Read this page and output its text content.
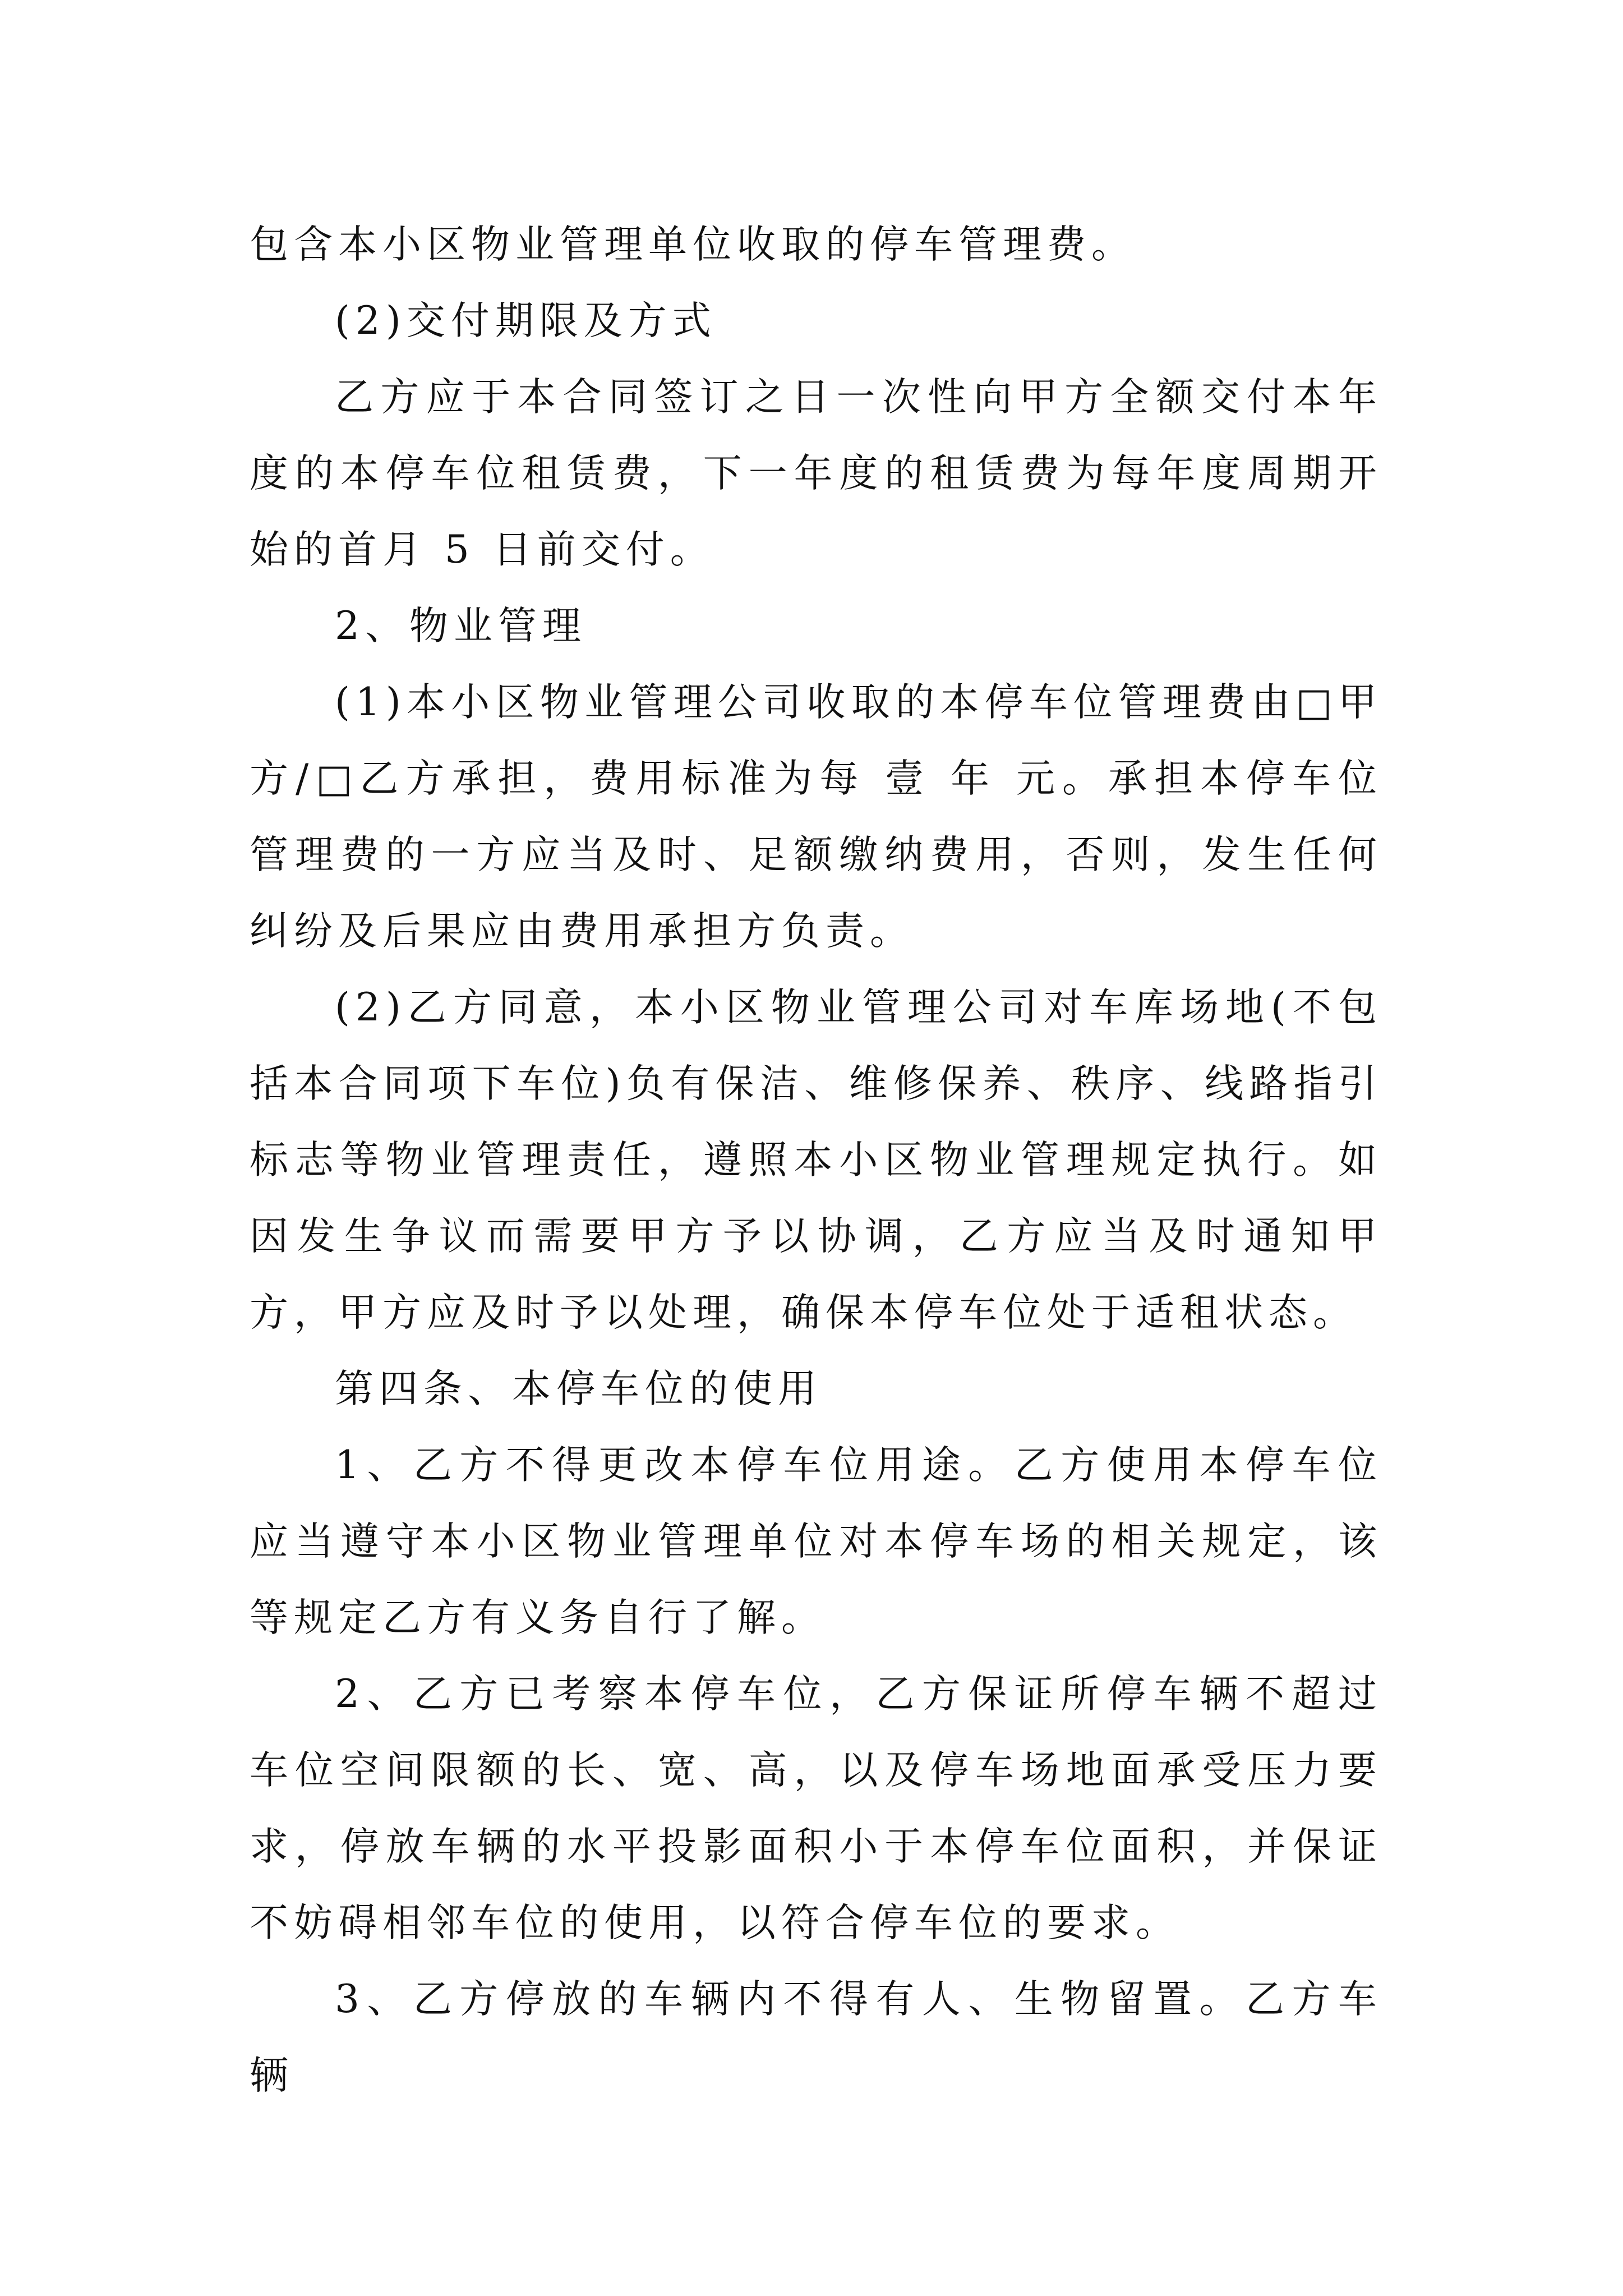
包含本小区物业管理单位收取的停车管理费。

(2)交付期限及方式

乙方应于本合同签订之日一次性向甲方全额交付本年度的本停车位租赁费，下一年度的租赁费为每年度周期开始的首月 5 日前交付。

2、物业管理

(1)本小区物业管理公司收取的本停车位管理费由□甲方/□乙方承担，费用标准为每 壹 年 元。承担本停车位管理费的一方应当及时、足额缴纳费用，否则，发生任何纠纷及后果应由费用承担方负责。

(2)乙方同意，本小区物业管理公司对车库场地(不包括本合同项下车位)负有保洁、维修保养、秩序、线路指引标志等物业管理责任，遵照本小区物业管理规定执行。如因发生争议而需要甲方予以协调，乙方应当及时通知甲方，甲方应及时予以处理，确保本停车位处于适租状态。

第四条、本停车位的使用

1、乙方不得更改本停车位用途。乙方使用本停车位应当遵守本小区物业管理单位对本停车场的相关规定，该等规定乙方有义务自行了解。

2、乙方已考察本停车位，乙方保证所停车辆不超过车位空间限额的长、宽、高，以及停车场地面承受压力要求，停放车辆的水平投影面积小于本停车位面积，并保证不妨碍相邻车位的使用，以符合停车位的要求。

3、乙方停放的车辆内不得有人、生物留置。乙方车辆
